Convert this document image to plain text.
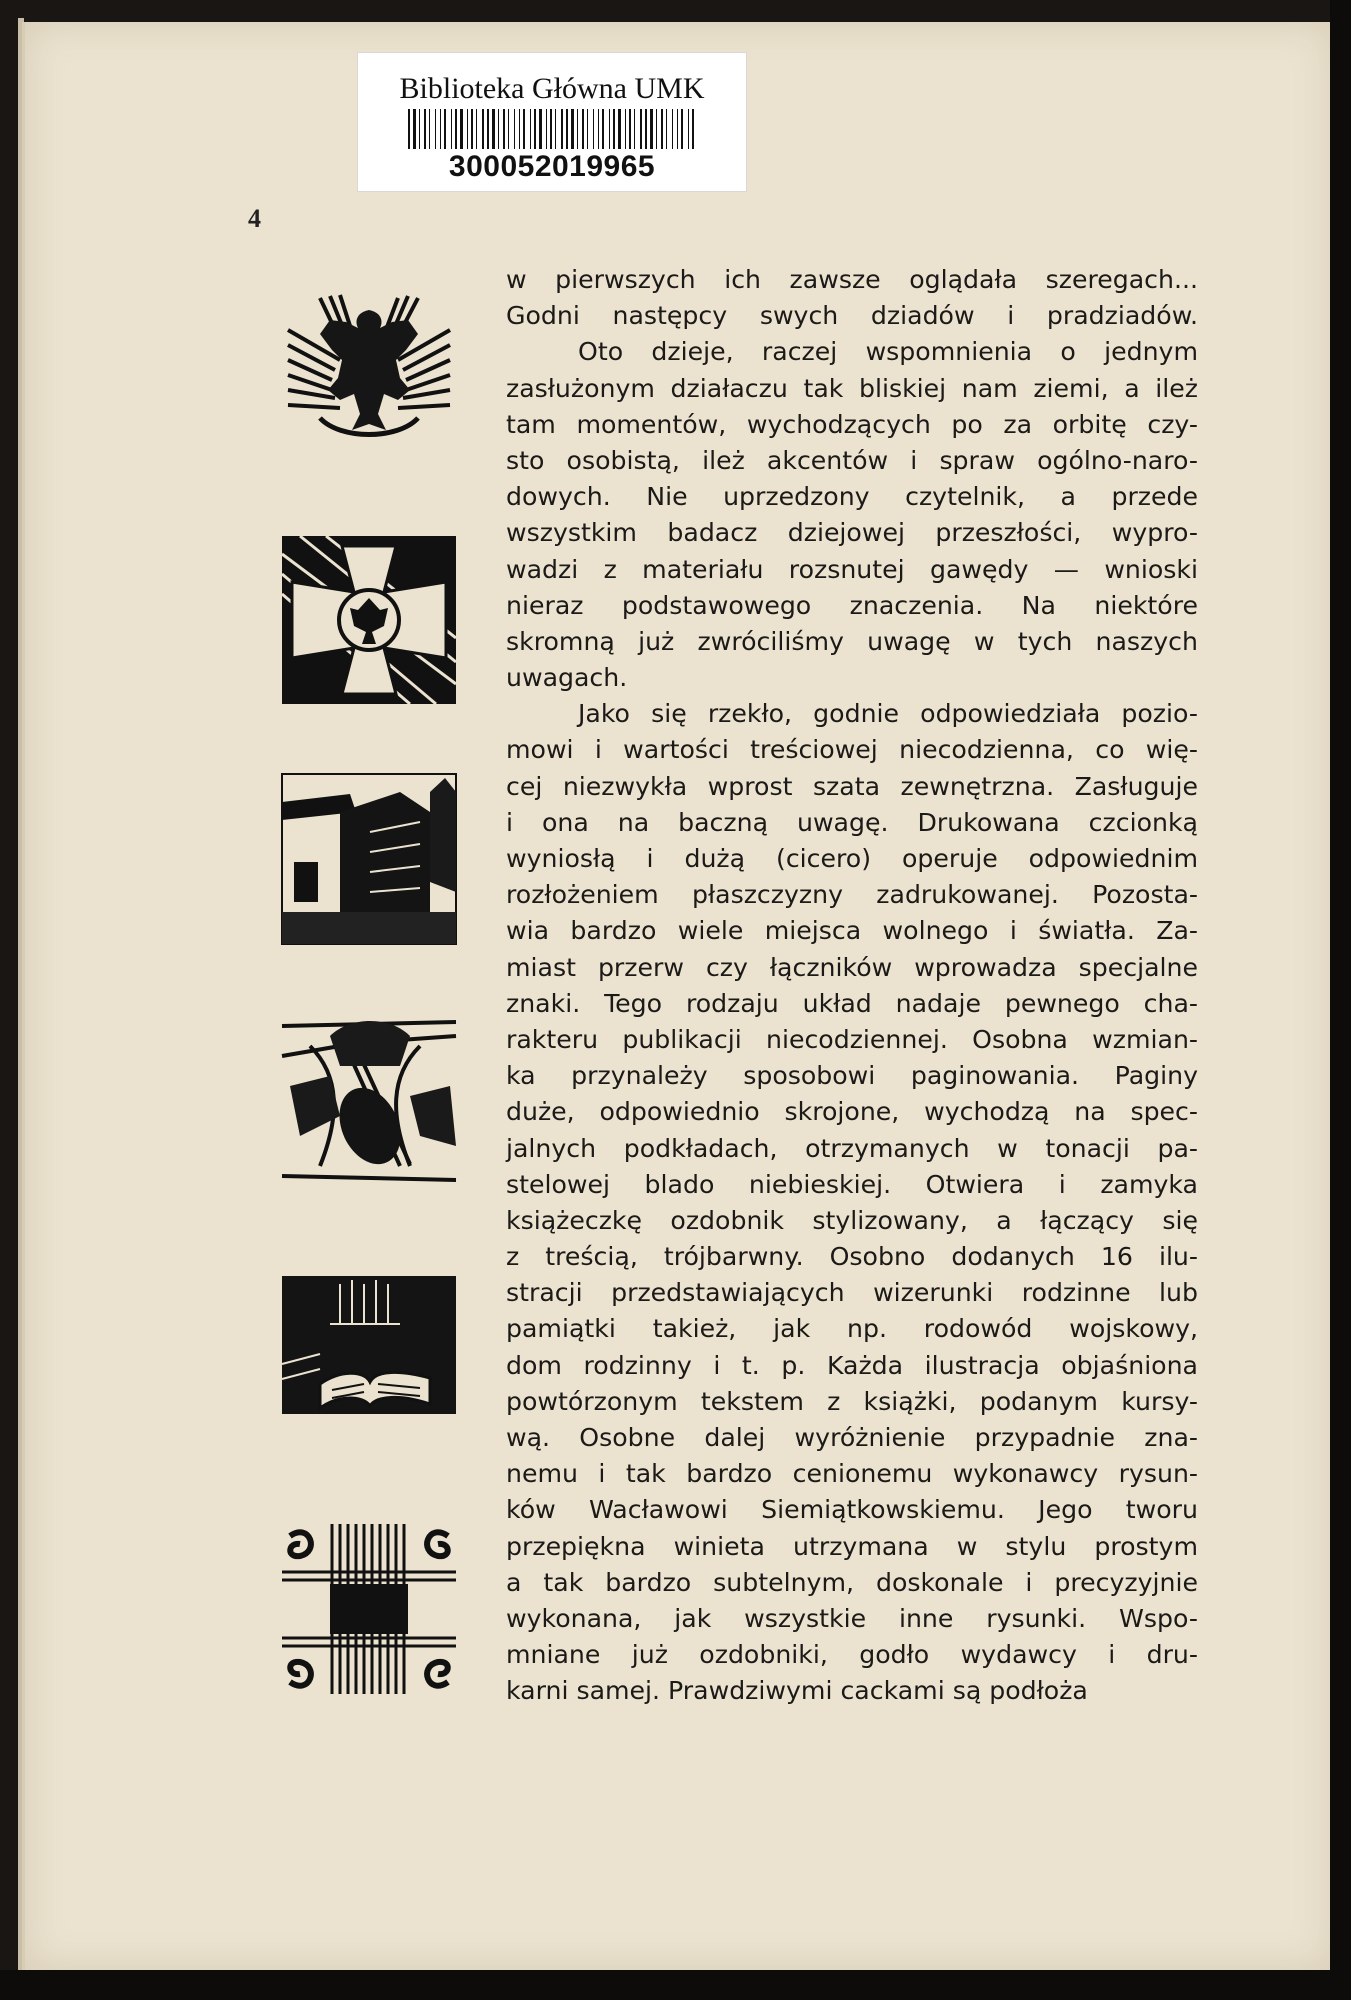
Biblioteka Główna UMK
300052019965
4
w pierwszych ich zawsze oglądała szeregach...
Godni następcy swych dziadów i pradziadów.
Oto dzieje, raczej wspomnienia o jednym
zasłużonym działaczu tak bliskiej nam ziemi, a ileż
tam momentów, wychodzących po za orbitę czy-
sto osobistą, ileż akcentów i spraw ogólno-naro-
dowych. Nie uprzedzony czytelnik, a przede
wszystkim badacz dziejowej przeszłości, wypro-
wadzi z materiału rozsnutej gawędy — wnioski
nieraz podstawowego znaczenia. Na niektóre
skromną już zwróciliśmy uwagę w tych naszych
uwagach.
Jako się rzekło, godnie odpowiedziała pozio-
mowi i wartości treściowej niecodzienna, co wię-
cej niezwykła wprost szata zewnętrzna. Zasługuje
i ona na baczną uwagę. Drukowana czcionką
wyniosłą i dużą (cicero) operuje odpowiednim
rozłożeniem płaszczyzny zadrukowanej. Pozosta-
wia bardzo wiele miejsca wolnego i światła. Za-
miast przerw czy łączników wprowadza specjalne
znaki. Tego rodzaju układ nadaje pewnego cha-
rakteru publikacji niecodziennej. Osobna wzmian-
ka przynależy sposobowi paginowania. Paginy
duże, odpowiednio skrojone, wychodzą na spec-
jalnych podkładach, otrzymanych w tonacji pa-
stelowej blado niebieskiej. Otwiera i zamyka
książeczkę ozdobnik stylizowany, a łączący się
z treścią, trójbarwny. Osobno dodanych 16 ilu-
stracji przedstawiających wizerunki rodzinne lub
pamiątki takież, jak np. rodowód wojskowy,
dom rodzinny i t. p. Każda ilustracja objaśniona
powtórzonym tekstem z książki, podanym kursy-
wą. Osobne dalej wyróżnienie przypadnie zna-
nemu i tak bardzo cenionemu wykonawcy rysun-
ków Wacławowi Siemiątkowskiemu. Jego tworu
przepiękna winieta utrzymana w stylu prostym
a tak bardzo subtelnym, doskonale i precyzyjnie
wykonana, jak wszystkie inne rysunki. Wspo-
mniane już ozdobniki, godło wydawcy i dru-
karni samej. Prawdziwymi cackami są podłoża
